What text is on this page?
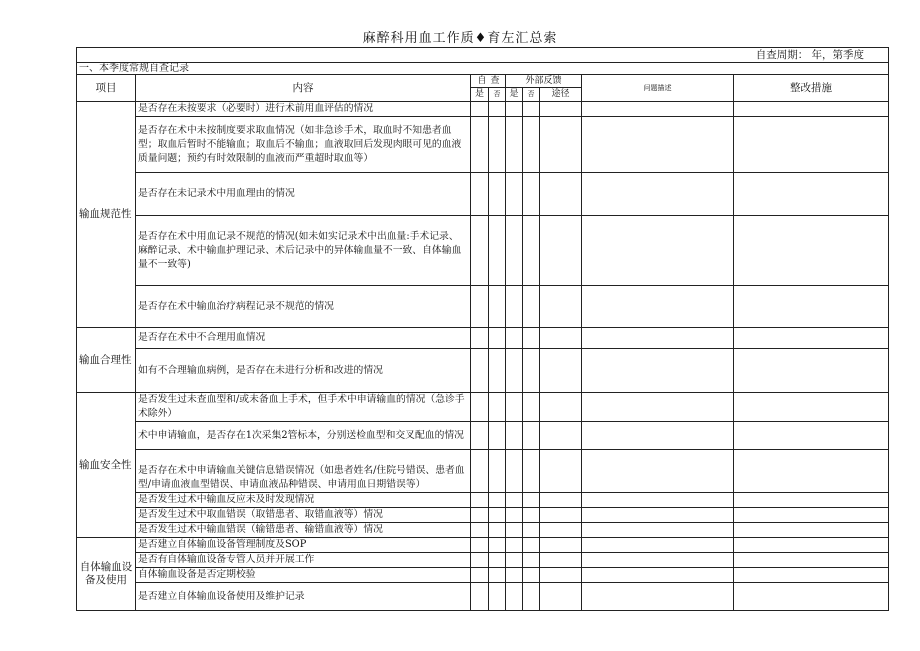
麻醉科用血工作质♦育左汇总索
自查周期： 年，第季度								
一、本季度常规自查记录								
项目	内容	自	查	外部反馈			问题描述	整改措施
		是	否	是	否	途径		
输血规范性	是否存在未按要求（必要时）进行术前用血评估的情况							
	是否存在术中未按制度要求取血情况（如非急诊手术，取血时不知患者血型；取血后暂时不能输血；取血后不输血；血液取回后发现肉眼可见的血液质量问题；预约有时效限制的血液而严重超时取血等）							
	是否存在未记录术中用血理由的情况							
	是否存在术中用血记录不规范的情况(如未如实记录术中出血量:手术记录、麻醉记录、术中输血护理记录、术后记录中的异体输血量不一致、自体输血量不一致等)							
	是否存在术中输血治疗病程记录不规范的情况							
输血合理性	是否存在术中不合理用血情况							
	如有不合理输血病例，是否存在未进行分析和改进的情况							
输血安全性	是否发生过未查血型和/或未备血上手术，但手术中申请输血的情况（急诊手术除外）							
	术中申请输血，是否存在1次采集2管标本，分别送检血型和交叉配血的情况							
	是否存在术中申请输血关键信息错误情况（如患者姓名/住院号错误、患者血型/申请血液血型错误、申请血液品种错误、申请用血日期错误等）							
	是否发生过术中输血反应未及时发现情况							
	是否发生过术中取血错误（取错患者、取错血液等）情况							
	是否发生过术中输血错误（输错患者、输错血液等）情况							
自体输血设备及使用	是否建立自体输血设备管理制度及SOP							
	是否有自体输血设备专管人员并开展工作							
	自体输血设备是否定期校验							
	是否建立自体输血设备使用及维护记录							
